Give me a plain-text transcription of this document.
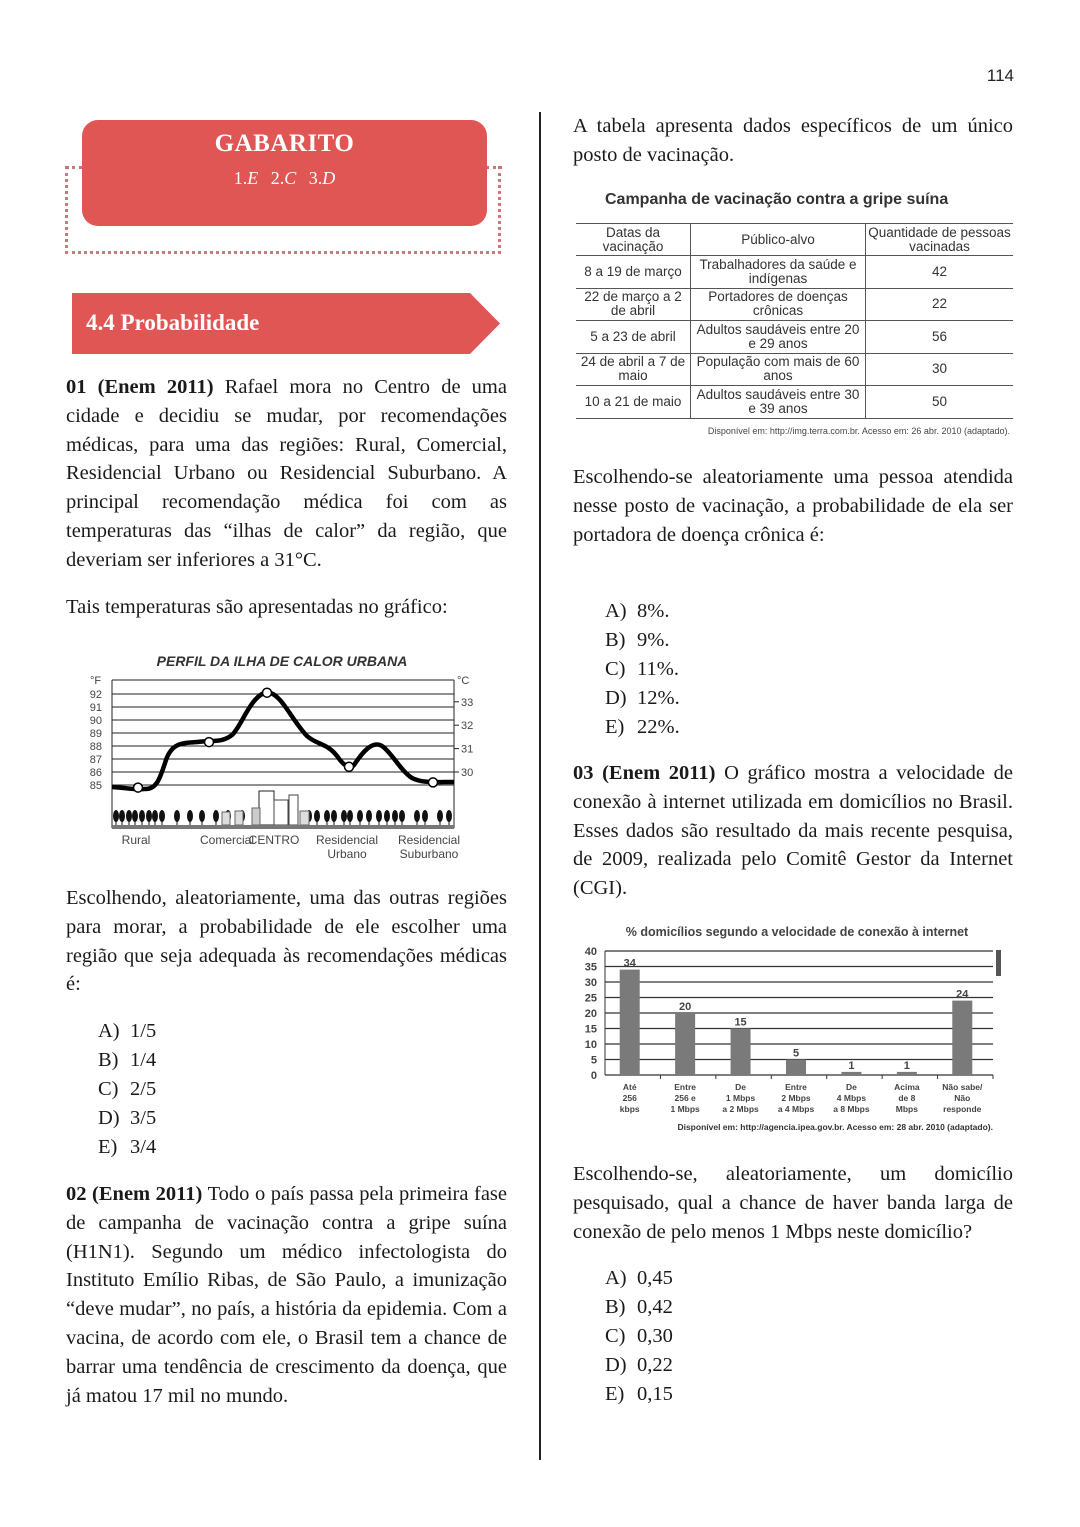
114
GABARITO
1.E 2.C 3.D
4.4 Probabilidade
01 (Enem 2011) Rafael mora no Centro de uma cidade e decidiu se mudar, por recomendações médicas, para uma das regiões: Rural, Comercial, Residencial Urbano ou Residencial Suburbano. A principal recomendação médica foi com as temperaturas das “ilhas de calor” da região, que deveriam ser inferiores a 31°C.
Tais temperaturas são apresentadas no gráfico:
PERFIL DA ILHA DE CALOR URBANA
°F	°C
85
86
87
88
89
90
91
92
30
31
32
33
Rural	Comercial
CENTRO Residencial
Urbano
Residencial
Suburbano
Escolhendo, aleatoriamente, uma das outras regiões para morar, a probabilidade de ele escolher uma região que seja adequada às recomendações médicas é:
A) 1/5
B) 1/4
C) 2/5
D) 3/5
E) 3/4
02 (Enem 2011) Todo o país passa pela primeira fase de campanha de vacinação contra a gripe suína (H1N1). Segundo um médico infectologista do Instituto Emílio Ribas, de São Paulo, a imunização “deve mudar”, no país, a história da epidemia. Com a vacina, de acordo com ele, o Brasil tem a chance de barrar uma tendência de crescimento da doença, que já matou 17 mil no mundo.
A tabela apresenta dados específicos de um único posto de vacinação.
Campanha de vacinação contra a gripe suína
Datas da vacinação	Público-alvo	Quantidade de pessoas vacinadas
8 a 19 de março	Trabalhadores da saúde e indígenas	42
22 de março a 2 de abril	Portadores de doenças crônicas	22
5 a 23 de abril	Adultos saudáveis entre 20 e 29 anos	56
24 de abril a 7 de maio	População com mais de 60 anos	30
10 a 21 de maio	Adultos saudáveis entre 30 e 39 anos	50
Disponível em: http://img.terra.com.br. Acesso em: 26 abr. 2010 (adaptado).
Escolhendo-se aleatoriamente uma pessoa atendida nesse posto de vacinação, a probabilidade de ela ser portadora de doença crônica é:
A) 8%.
B) 9%.
C) 11%.
D) 12%.
E) 22%.
03 (Enem 2011) O gráfico mostra a velocidade de conexão à internet utilizada em domicílios no Brasil. Esses dados são resultado da mais recente pesquisa, de 2009, realizada pelo Comitê Gestor da Internet (CGI).
% domicílios segundo a velocidade de conexão à internet
0
5
10
15
20
25
30
35
40
34
20
15
5
1	1
24
Até
256
kbps
Entre
256 e
1 Mbps
De
1 Mbps
a 2 Mbps
Entre
2 Mbps
a 4 Mbps
De
4 Mbps
a 8 Mbps
Acima
de 8
Mbps
Não sabe/
Não
responde
Disponível em: http://agencia.ipea.gov.br. Acesso em: 28 abr. 2010 (adaptado).
Escolhendo-se, aleatoriamente, um domicílio pesquisado, qual a chance de haver banda larga de conexão de pelo menos 1 Mbps neste domicílio?
A) 0,45
B) 0,42
C) 0,30
D) 0,22
E) 0,15
